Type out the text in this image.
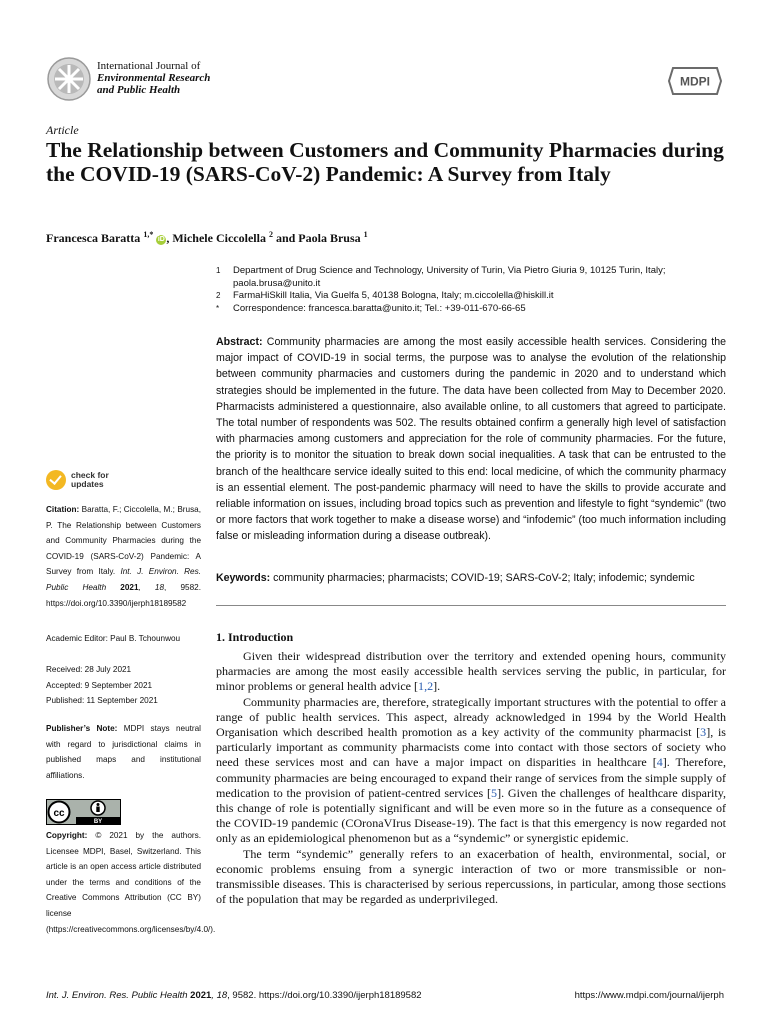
International Journal of
Environmental Research
and Public Health
MDPI
Article
The Relationship between Customers and Community Pharmacies during the COVID-19 (SARS-CoV-2) Pandemic: A Survey from Italy
Francesca Baratta $^{1,*}$ iD , Michele Ciccolella $^2$ and Paola Brusa $^1$
1	Department of Drug Science and Technology, University of Turin, Via Pietro Giuria 9, 10125 Turin, Italy; paola.brusa@unito.it
2	FarmaHiSkill Italia, Via Guelfa 5, 40138 Bologna, Italy; m.ciccolella@hiskill.it
*	Correspondence: francesca.baratta@unito.it; Tel.: +39-011-670-66-65
Abstract: Community pharmacies are among the most easily accessible health services. Considering the major impact of COVID-19 in social terms, the purpose was to analyse the evolution of the relationship between community pharmacies and customers during the pandemic in 2020 and to understand which strategies should be implemented in the future. The data have been collected from May to December 2020. Pharmacists administered a questionnaire, also available online, to all customers that agreed to participate. The total number of respondents was 502. The results obtained confirm a generally high level of satisfaction with pharmacies among customers and appreciation for the role of community pharmacies. For the future, the priority is to monitor the situation to break down social inequalities. A task that can be entrusted to the branch of the healthcare service ideally suited to this end: local medicine, of which the community pharmacy is an essential element. The post-pandemic pharmacy will need to have the skills to provide accurate and reliable information on issues, including broad topics such as prevention and lifestyle to fight “syndemic” (two or more factors that work together to make a disease worse) and “infodemic” (too much information including false or misleading information during a disease outbreak).
Keywords: community pharmacies; pharmacists; COVID-19; SARS-CoV-2; Italy; infodemic; syndemic
check for
updates
Citation: Baratta, F.; Ciccolella, M.; Brusa, P. The Relationship between Customers and Community Pharmacies during the COVID-19 (SARS-CoV-2) Pandemic: A Survey from Italy. Int. J. Environ. Res. Public Health 2021, 18, 9582. https://doi.org/10.3390/ijerph18189582
Academic Editor: Paul B. Tchounwou
Received: 28 July 2021
Accepted: 9 September 2021
Published: 11 September 2021
Publisher’s Note: MDPI stays neutral with regard to jurisdictional claims in published maps and institutional affiliations.
cc
BY
Copyright: © 2021 by the authors. Licensee MDPI, Basel, Switzerland. This article is an open access article distributed under the terms and conditions of the Creative Commons Attribution (CC BY) license (https://creativecommons.org/licenses/by/4.0/).
1. Introduction

Given their widespread distribution over the territory and extended opening hours, community pharmacies are among the most easily accessible health services serving the public, in particular, for minor problems or general health advice [1,2].

Community pharmacies are, therefore, strategically important structures with the potential to offer a range of public health services. This aspect, already acknowledged in 1994 by the World Health Organisation which described health promotion as a key activity of the community pharmacist [3], is particularly important as community pharmacists come into contact with those sectors of society who need these services most and can have a major impact on disparities in healthcare [4]. Therefore, community pharmacies are being encouraged to expand their range of services from the simple supply of medication to the provision of patient-centred services [5]. Given the challenges of healthcare disparity, this change of role is potentially significant and will be even more so in the future as a consequence of the COVID-19 pandemic (COronaVIrus Disease-19). The fact is that this emergency is now regarded not only as an epidemiological phenomenon but as a “syndemic” or synergistic epidemic.

The term “syndemic” generally refers to an exacerbation of health, environmental, social, or economic problems ensuing from a synergic interaction of two or more transmissible or non-transmissible diseases. This is characterised by serious repercussions, in particular, among those sections of the population that may be regarded as underprivileged.

Int. J. Environ. Res. Public Health 2021, 18, 9582. https://doi.org/10.3390/ijerph18189582	https://www.mdpi.com/journal/ijerph
